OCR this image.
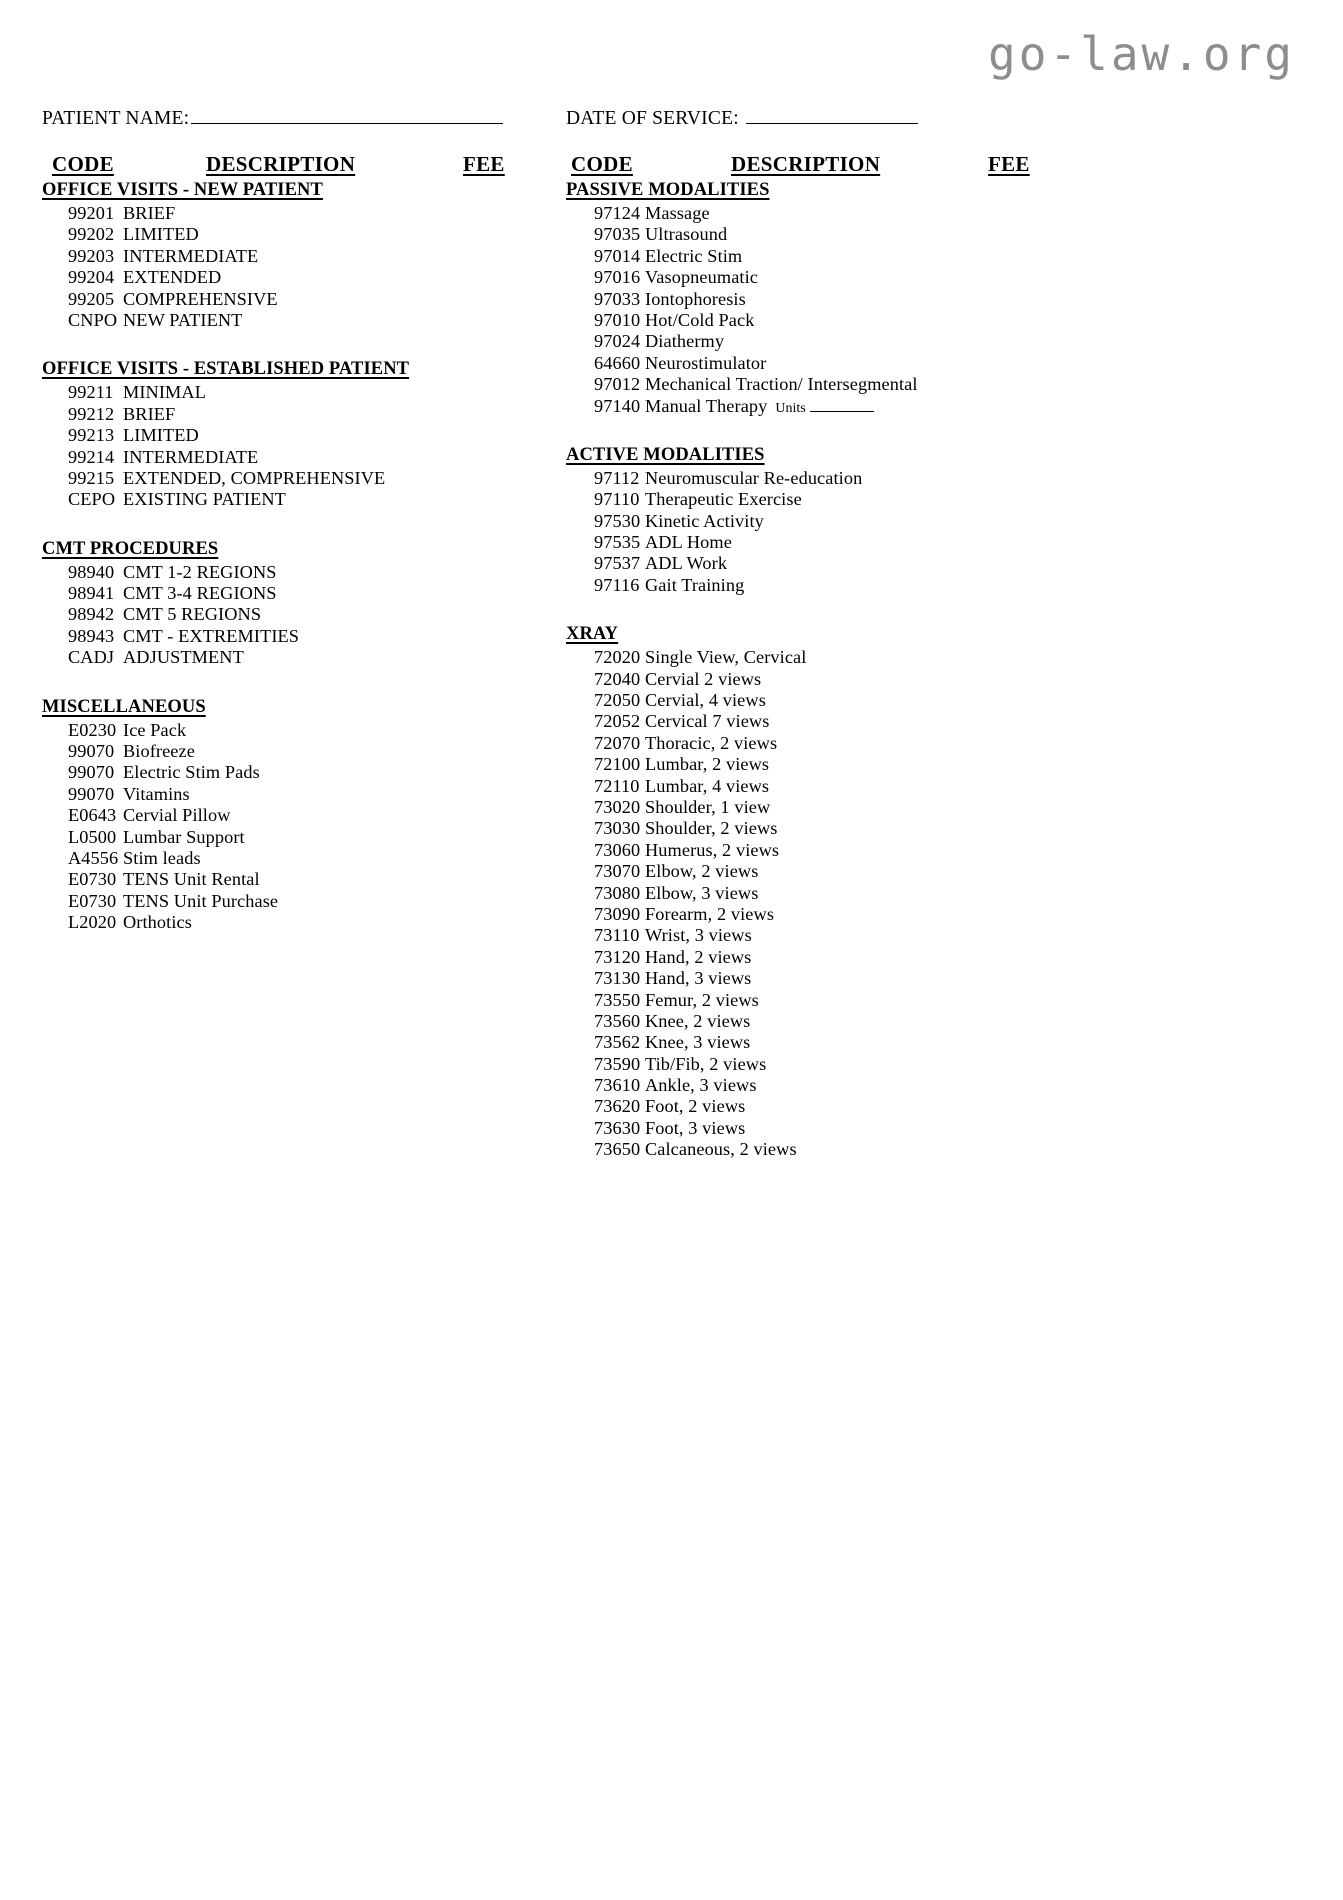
go-law.org
PATIENT NAME:	DATE OF SERVICE:
CODE	DESCRIPTION	FEE
OFFICE VISITS - NEW PATIENT
99201 BRIEF
99202 LIMITED
99203 INTERMEDIATE
99204 EXTENDED
99205 COMPREHENSIVE
CNPO NEW PATIENT
OFFICE VISITS - ESTABLISHED PATIENT
99211 MINIMAL
99212 BRIEF
99213 LIMITED
99214 INTERMEDIATE
99215 EXTENDED, COMPREHENSIVE
CEPO EXISTING PATIENT
CMT PROCEDURES
98940 CMT 1-2 REGIONS
98941 CMT 3-4 REGIONS
98942 CMT 5 REGIONS
98943 CMT - EXTREMITIES
CADJ ADJUSTMENT
MISCELLANEOUS
E0230 Ice Pack
99070 Biofreeze
99070 Electric Stim Pads
99070 Vitamins
E0643 Cervial Pillow
L0500 Lumbar Support
A4556 Stim leads
E0730 TENS Unit Rental
E0730 TENS Unit Purchase
L2020 Orthotics
CODE	DESCRIPTION	FEE
PASSIVE MODALITIES
97124 Massage
97035 Ultrasound
97014 Electric Stim
97016 Vasopneumatic
97033 Iontophoresis
97010 Hot/Cold Pack
97024 Diathermy
64660 Neurostimulator
97012 Mechanical Traction/ Intersegmental
97140 Manual Therapy Units
ACTIVE MODALITIES
97112 Neuromuscular Re-education
97110 Therapeutic Exercise
97530 Kinetic Activity
97535 ADL Home
97537 ADL Work
97116 Gait Training
XRAY
72020 Single View, Cervical
72040 Cervial 2 views
72050 Cervial, 4 views
72052 Cervical 7 views
72070 Thoracic, 2 views
72100 Lumbar, 2 views
72110 Lumbar, 4 views
73020 Shoulder, 1 view
73030 Shoulder, 2 views
73060 Humerus, 2 views
73070 Elbow, 2 views
73080 Elbow, 3 views
73090 Forearm, 2 views
73110 Wrist, 3 views
73120 Hand, 2 views
73130 Hand, 3 views
73550 Femur, 2 views
73560 Knee, 2 views
73562 Knee, 3 views
73590 Tib/Fib, 2 views
73610 Ankle, 3 views
73620 Foot, 2 views
73630 Foot, 3 views
73650 Calcaneous, 2 views
